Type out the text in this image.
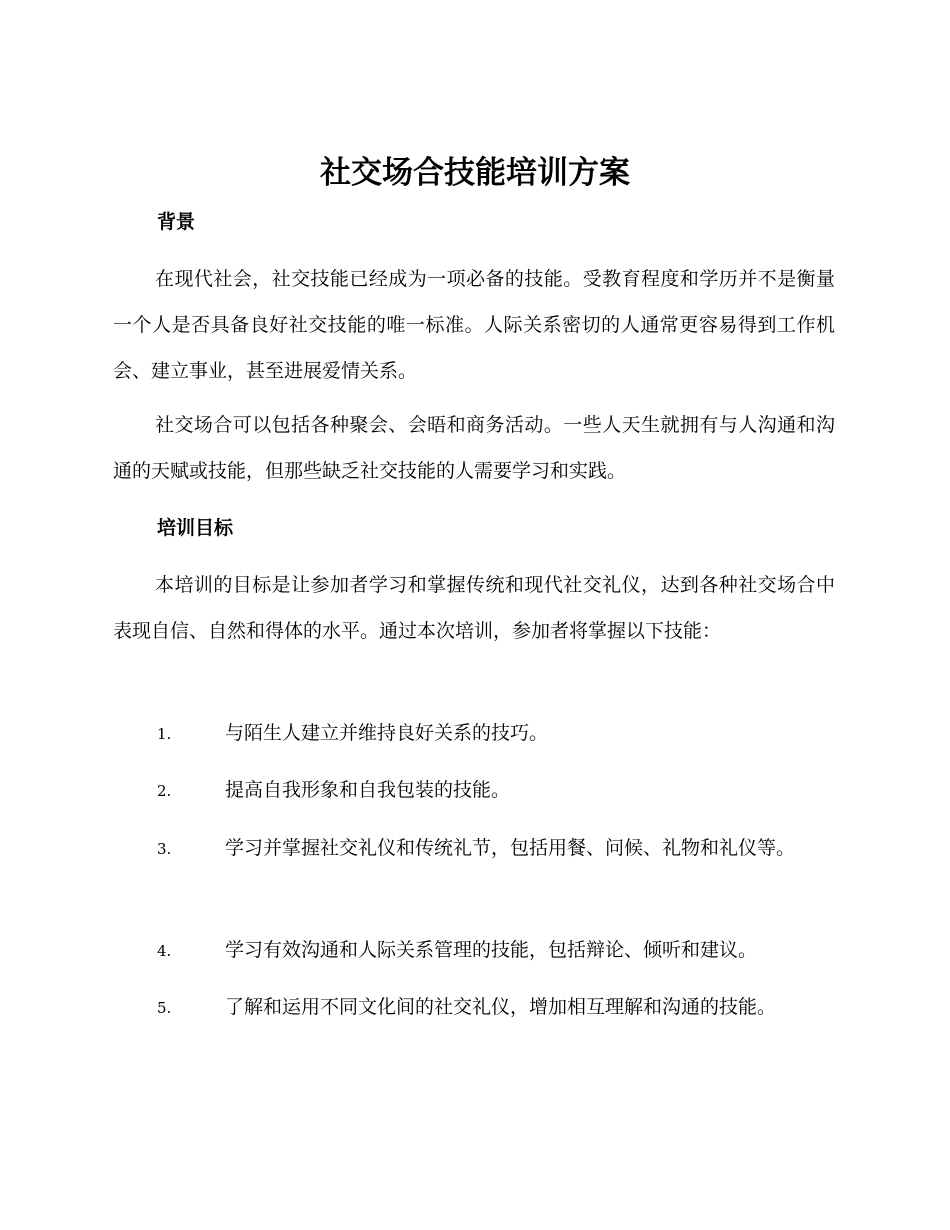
社交场合技能培训方案
背景

在现代社会，社交技能已经成为一项必备的技能。受教育程度和学历并不是衡量一个人是否具备良好社交技能的唯一标准。人际关系密切的人通常更容易得到工作机会、建立事业，甚至进展爱情关系。

社交场合可以包括各种聚会、会晤和商务活动。一些人天生就拥有与人沟通和沟通的天赋或技能，但那些缺乏社交技能的人需要学习和实践。

培训目标

本培训的目标是让参加者学习和掌握传统和现代社交礼仪，达到各种社交场合中表现自信、自然和得体的水平。通过本次培训，参加者将掌握以下技能：

1.	与陌生人建立并维持良好关系的技巧。

2.	提高自我形象和自我包装的技能。

3.	学习并掌握社交礼仪和传统礼节，包括用餐、问候、礼物和礼仪等。

4.	学习有效沟通和人际关系管理的技能，包括辩论、倾听和建议。

5.	了解和运用不同文化间的社交礼仪，增加相互理解和沟通的技能。
